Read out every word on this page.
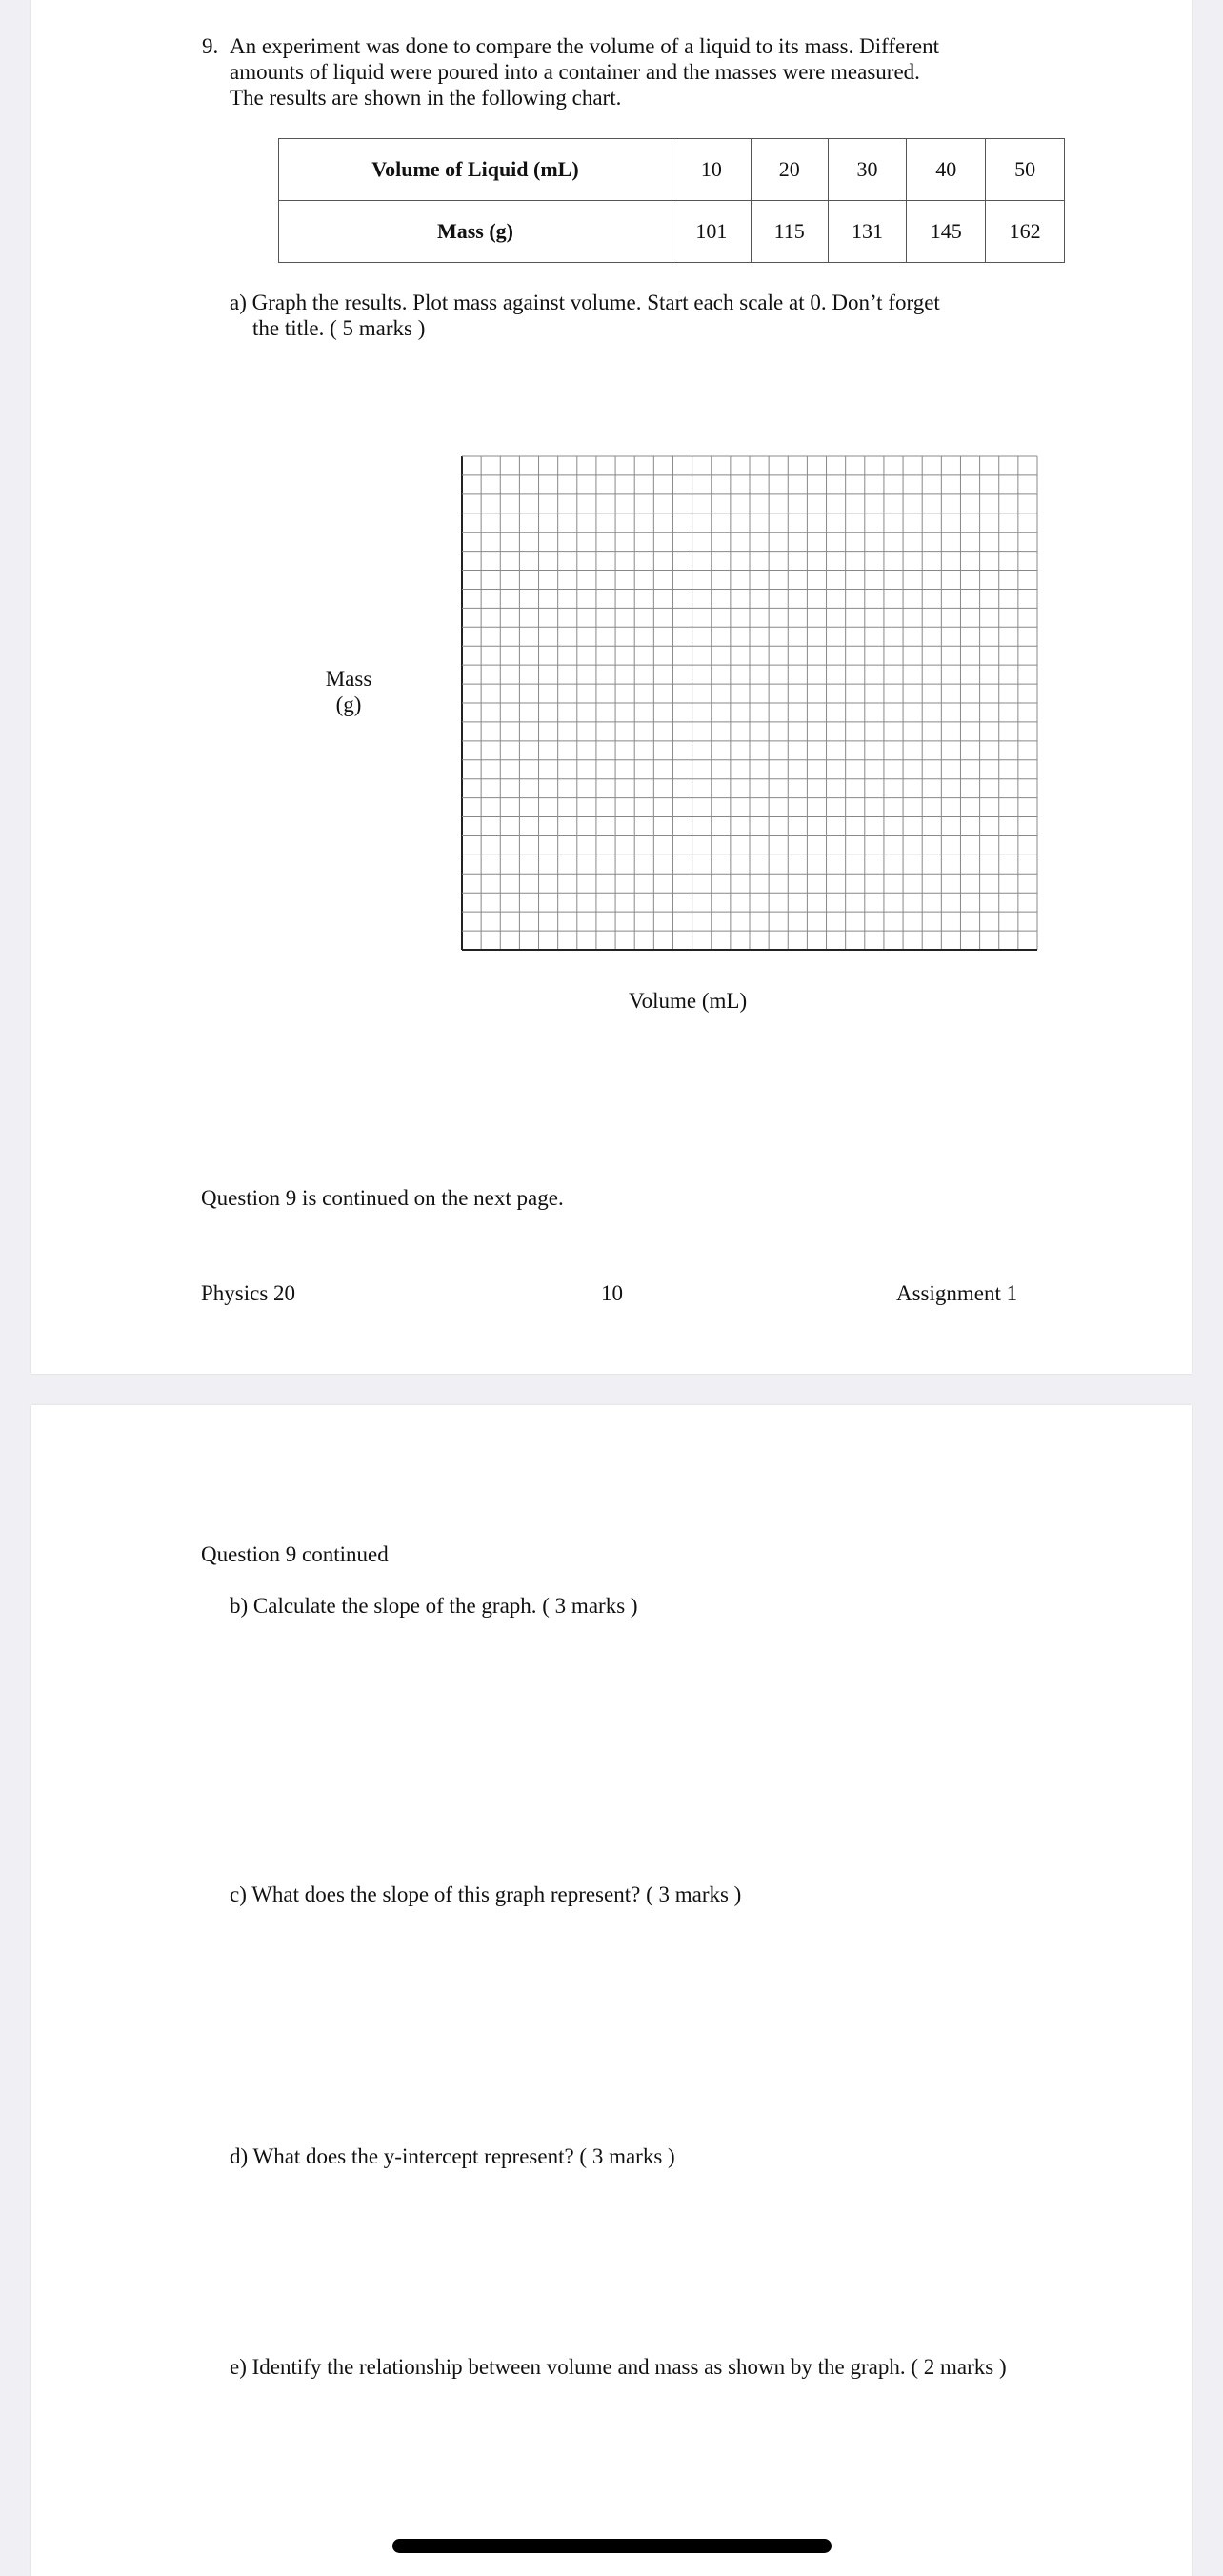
9. An experiment was done to compare the volume of a liquid to its mass. Different
amounts of liquid were poured into a container and the masses were measured.
The results are shown in the following chart.
Volume of Liquid (mL)	10	20	30	40	50
Mass (g)	101	115	131	145	162
a) Graph the results. Plot mass against volume. Start each scale at 0. Don’t forget
the title. ( 5 marks )
Mass
(g)
Volume (mL)
Question 9 is continued on the next page.
Physics 20	10	Assignment 1
Question 9 continued
b) Calculate the slope of the graph. ( 3 marks )
c) What does the slope of this graph represent? ( 3 marks )
d) What does the y-intercept represent? ( 3 marks )
e) Identify the relationship between volume and mass as shown by the graph. ( 2 marks )
